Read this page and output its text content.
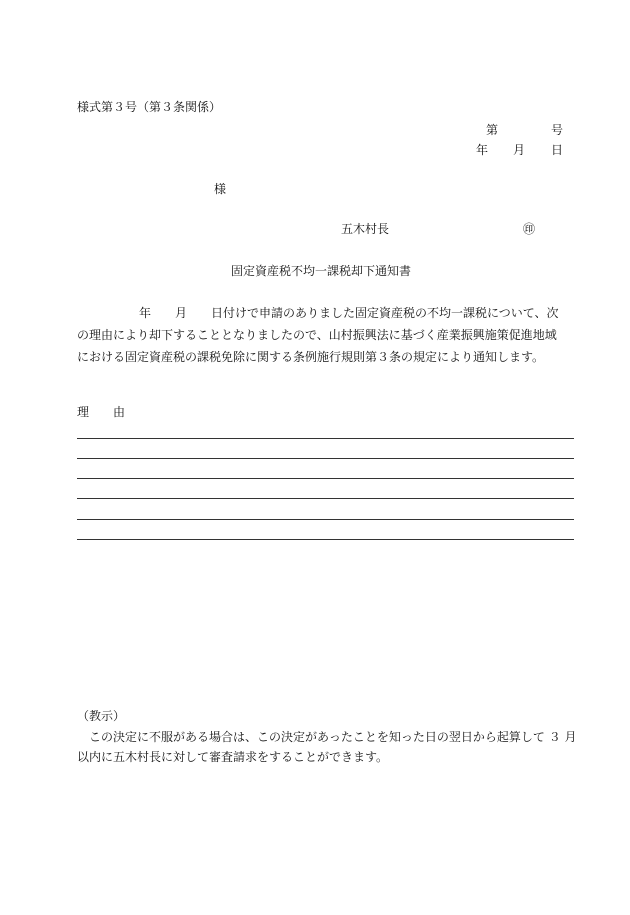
様式第３号（第３条関係）
第	号
年 月 日
様
五木村長	㊞
固定資産税不均一課税却下通知書
年 月 日付けで申請のありました固定資産税の不均一課税について、次
の理由により却下することとなりましたので、山村振興法に基づく産業振興施策促進地域
における固定資産税の課税免除に関する条例施行規則第３条の規定により通知します。
理　　由
（教示）
　この決定に不服がある場合は、この決定があったことを知った日の翌日から起算して ３ 月
以内に五木村長に対して審査請求をすることができます。
